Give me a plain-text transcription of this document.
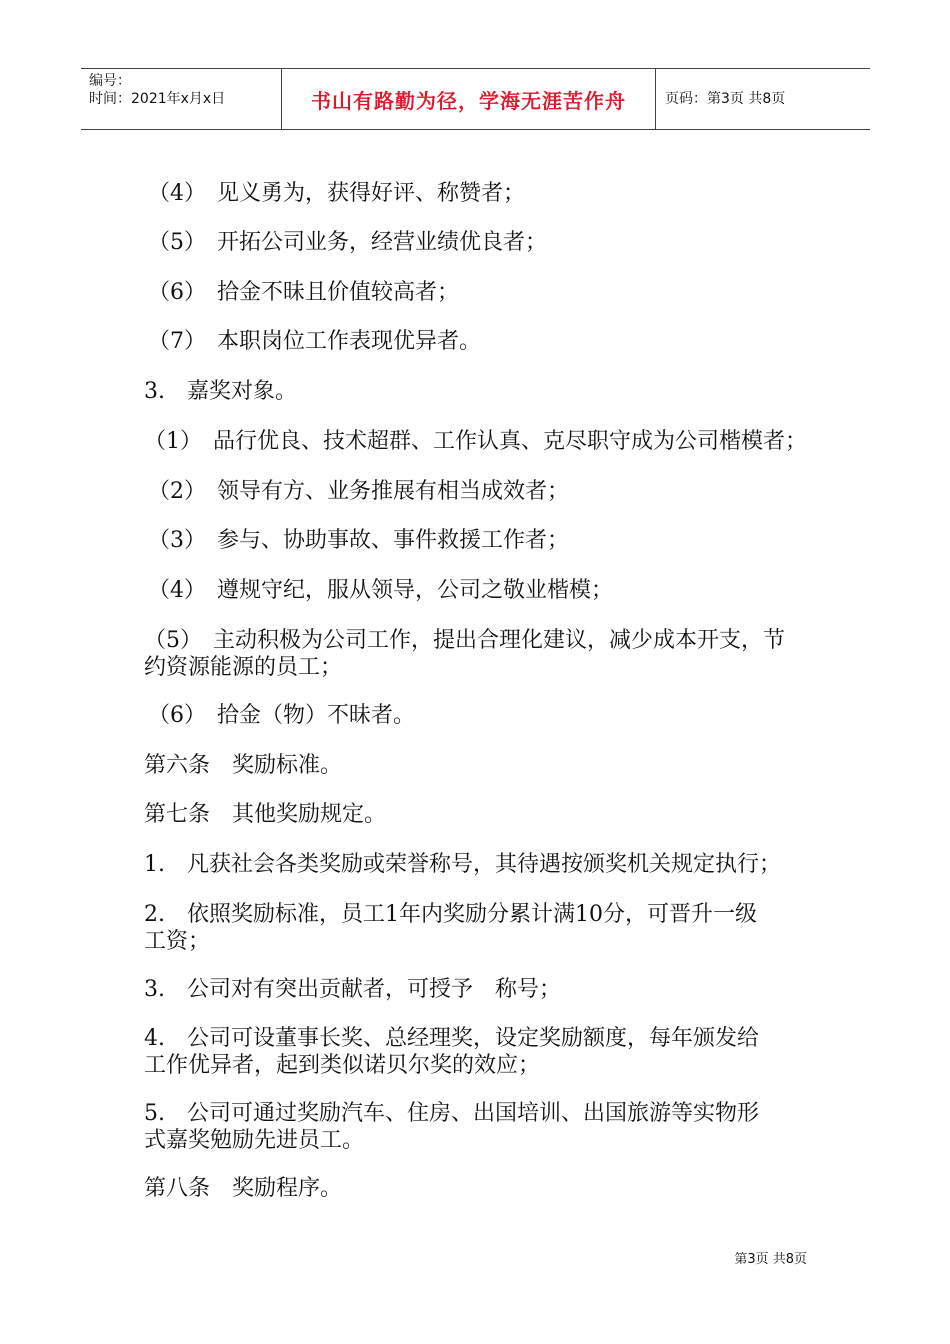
编号：
时间：2021年x月x日	书山有路勤为径，学海无涯苦作舟	页码：第3页 共8页
（4）　见义勇为，获得好评、称赞者；
（5）　开拓公司业务，经营业绩优良者；
（6）　拾金不昧且价值较高者；
（7）　本职岗位工作表现优异者。
3.　嘉奖对象。
（1）　品行优良、技术超群、工作认真、克尽职守成为公司楷模者；
（2）　领导有方、业务推展有相当成效者；
（3）　参与、协助事故、事件救援工作者；
（4）　遵规守纪，服从领导，公司之敬业楷模；
（5）　主动积极为公司工作，提出合理化建议，减少成本开支，节
约资源能源的员工；
（6）　拾金（物）不昧者。
第六条　奖励标准。
第七条　其他奖励规定。
1.　凡获社会各类奖励或荣誉称号，其待遇按颁奖机关规定执行；
2.　依照奖励标准，员工1年内奖励分累计满10分，可晋升一级
工资；
3.　公司对有突出贡献者，可授予　称号；
4.　公司可设董事长奖、总经理奖，设定奖励额度，每年颁发给
工作优异者，起到类似诺贝尔奖的效应；
5.　公司可通过奖励汽车、住房、出国培训、出国旅游等实物形
式嘉奖勉励先进员工。
第八条　奖励程序。
第3页 共8页
